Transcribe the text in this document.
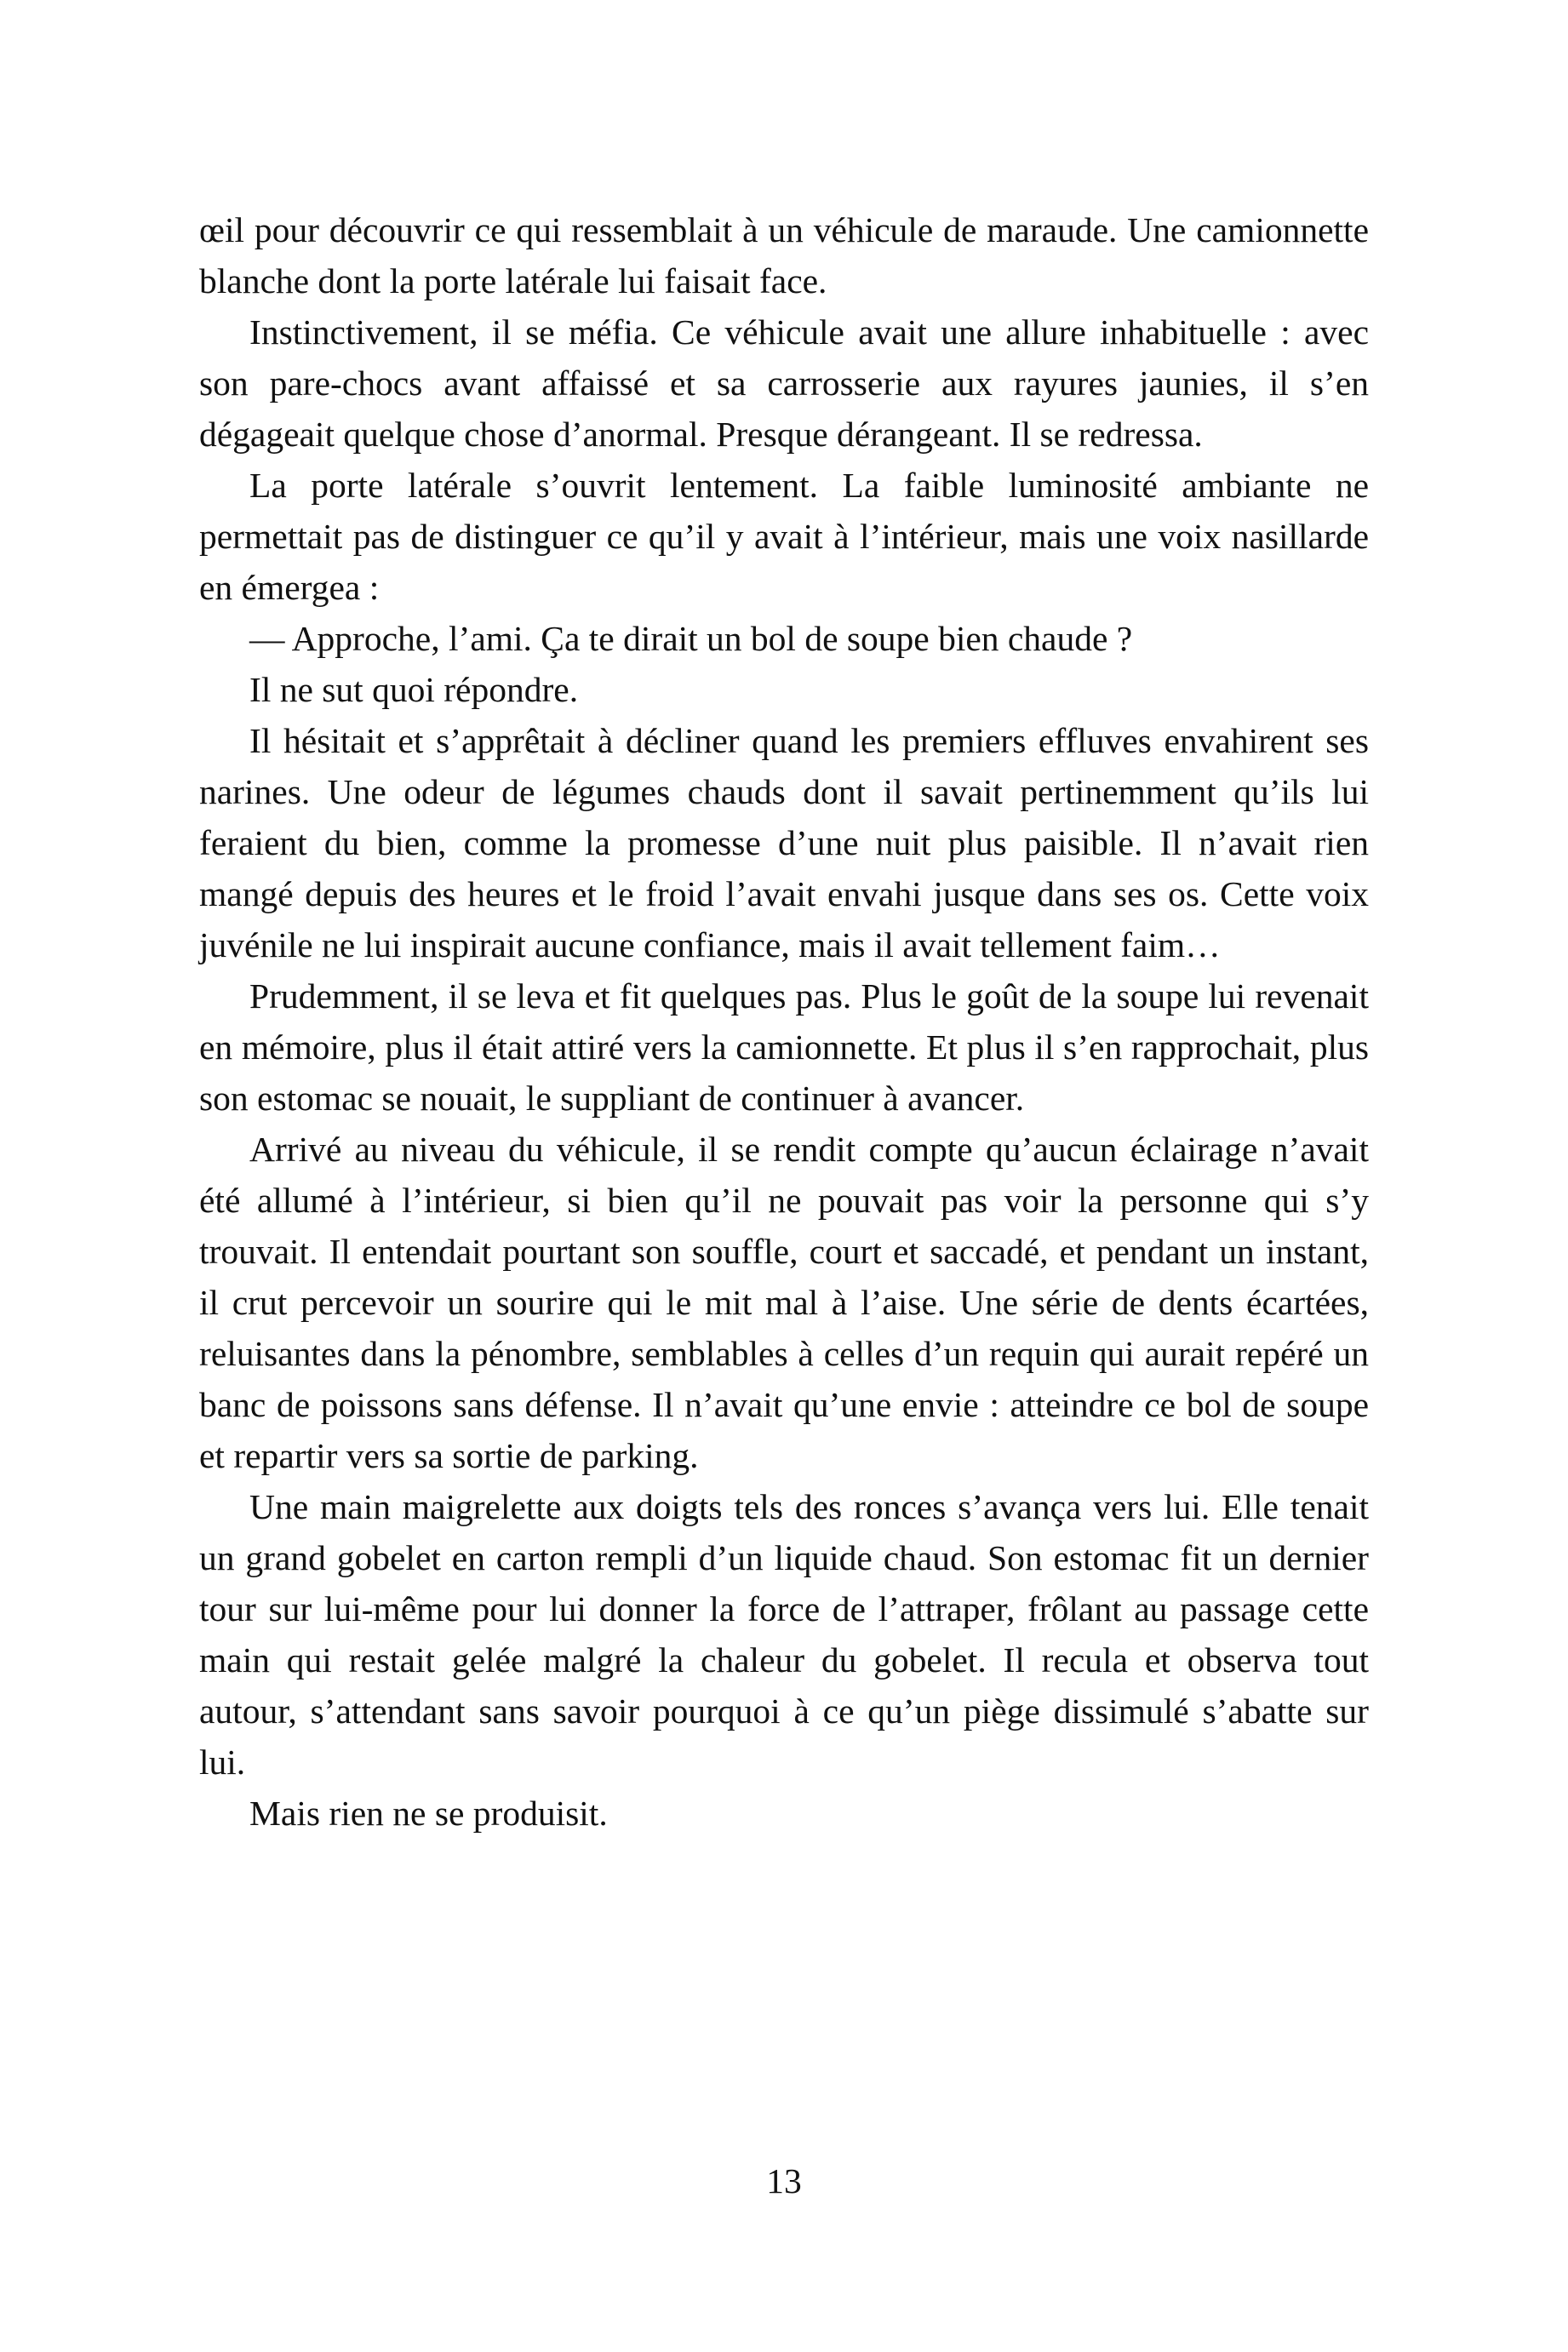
œil pour découvrir ce qui ressemblait à un véhicule de maraude. Une camionnette blanche dont la porte latérale lui faisait face.

Instinctivement, il se méfia. Ce véhicule avait une allure inhabituelle : avec son pare-chocs avant affaissé et sa carrosserie aux rayures jaunies, il s’en dégageait quelque chose d’anormal. Presque dérangeant. Il se redressa.

La porte latérale s’ouvrit lentement. La faible luminosité ambiante ne permettait pas de distinguer ce qu’il y avait à l’intérieur, mais une voix nasillarde en émergea :

— Approche, l’ami. Ça te dirait un bol de soupe bien chaude ?

Il ne sut quoi répondre.

Il hésitait et s’apprêtait à décliner quand les premiers effluves envahirent ses narines. Une odeur de légumes chauds dont il savait pertinemment qu’ils lui feraient du bien, comme la promesse d’une nuit plus paisible. Il n’avait rien mangé depuis des heures et le froid l’avait envahi jusque dans ses os. Cette voix juvénile ne lui inspirait aucune confiance, mais il avait tellement faim…

Prudemment, il se leva et fit quelques pas. Plus le goût de la soupe lui revenait en mémoire, plus il était attiré vers la camionnette. Et plus il s’en rapprochait, plus son estomac se nouait, le suppliant de continuer à avancer.

Arrivé au niveau du véhicule, il se rendit compte qu’aucun éclairage n’avait été allumé à l’intérieur, si bien qu’il ne pouvait pas voir la personne qui s’y trouvait. Il entendait pourtant son souffle, court et saccadé, et pendant un instant, il crut percevoir un sourire qui le mit mal à l’aise. Une série de dents écartées, reluisantes dans la pénombre, semblables à celles d’un requin qui aurait repéré un banc de poissons sans défense. Il n’avait qu’une envie : atteindre ce bol de soupe et repartir vers sa sortie de parking.

Une main maigrelette aux doigts tels des ronces s’avança vers lui. Elle tenait un grand gobelet en carton rempli d’un liquide chaud. Son estomac fit un dernier tour sur lui-même pour lui donner la force de l’attraper, frôlant au passage cette main qui restait gelée malgré la chaleur du gobelet. Il recula et observa tout autour, s’attendant sans savoir pourquoi à ce qu’un piège dissimulé s’abatte sur lui.

Mais rien ne se produisit.

13
